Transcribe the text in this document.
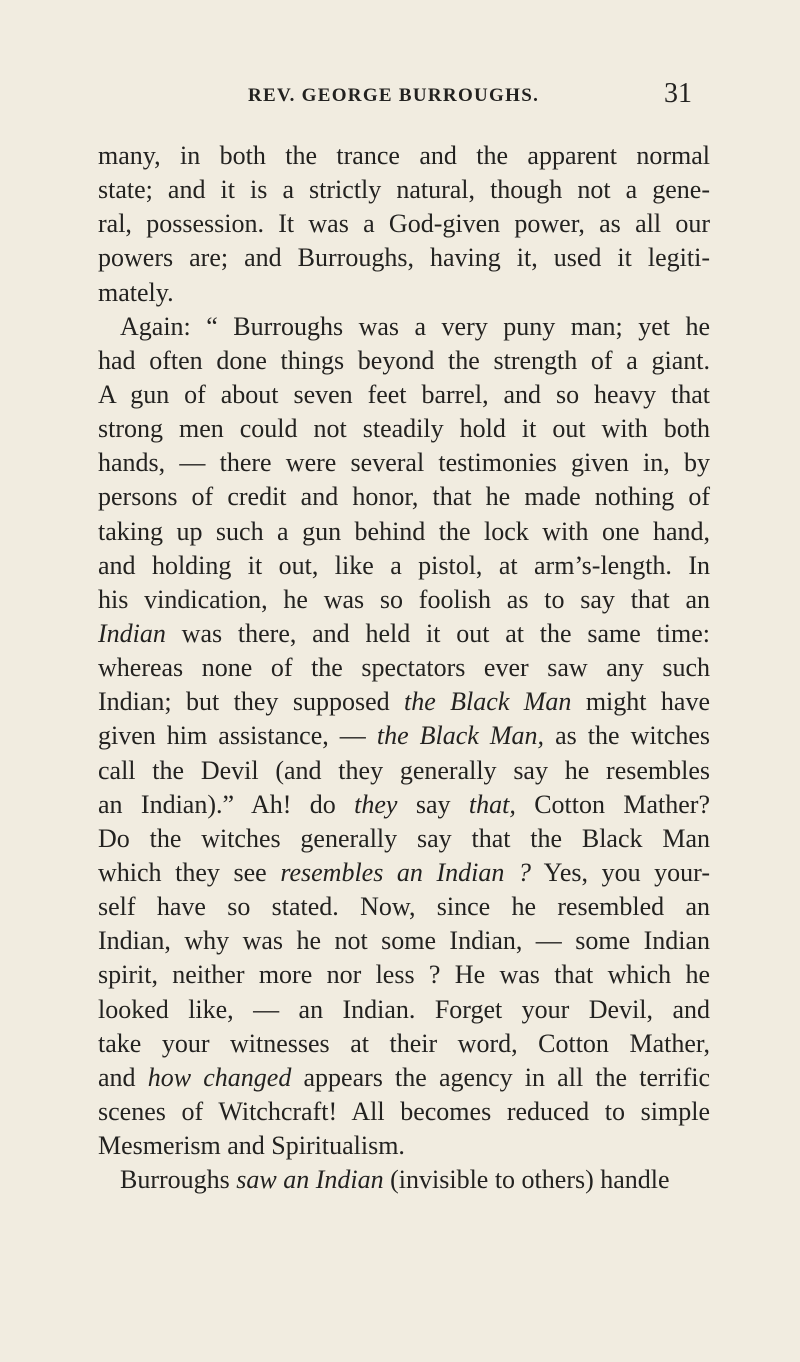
REV. GEORGE BURROUGHS.	31
many, in both the trance and the apparent normal
state; and it is a strictly natural, though not a gene-
ral, possession. It was a God-given power, as all our
powers are; and Burroughs, having it, used it legiti-
mately.
Again: “ Burroughs was a very puny man; yet he
had often done things beyond the strength of a giant.
A gun of about seven feet barrel, and so heavy that
strong men could not steadily hold it out with both
hands, — there were several testimonies given in, by
persons of credit and honor, that he made nothing of
taking up such a gun behind the lock with one hand,
and holding it out, like a pistol, at arm’s-length. In
his vindication, he was so foolish as to say that an
Indian was there, and held it out at the same time:
whereas none of the spectators ever saw any such
Indian; but they supposed the Black Man might have
given him assistance, — the Black Man, as the witches
call the Devil (and they generally say he resembles
an Indian).” Ah! do they say that, Cotton Mather?
Do the witches generally say that the Black Man
which they see resembles an Indian ? Yes, you your-
self have so stated. Now, since he resembled an
Indian, why was he not some Indian, — some Indian
spirit, neither more nor less ? He was that which he
looked like, — an Indian. Forget your Devil, and
take your witnesses at their word, Cotton Mather,
and how changed appears the agency in all the terrific
scenes of Witchcraft! All becomes reduced to simple
Mesmerism and Spiritualism.
Burroughs saw an Indian (invisible to others) handle
